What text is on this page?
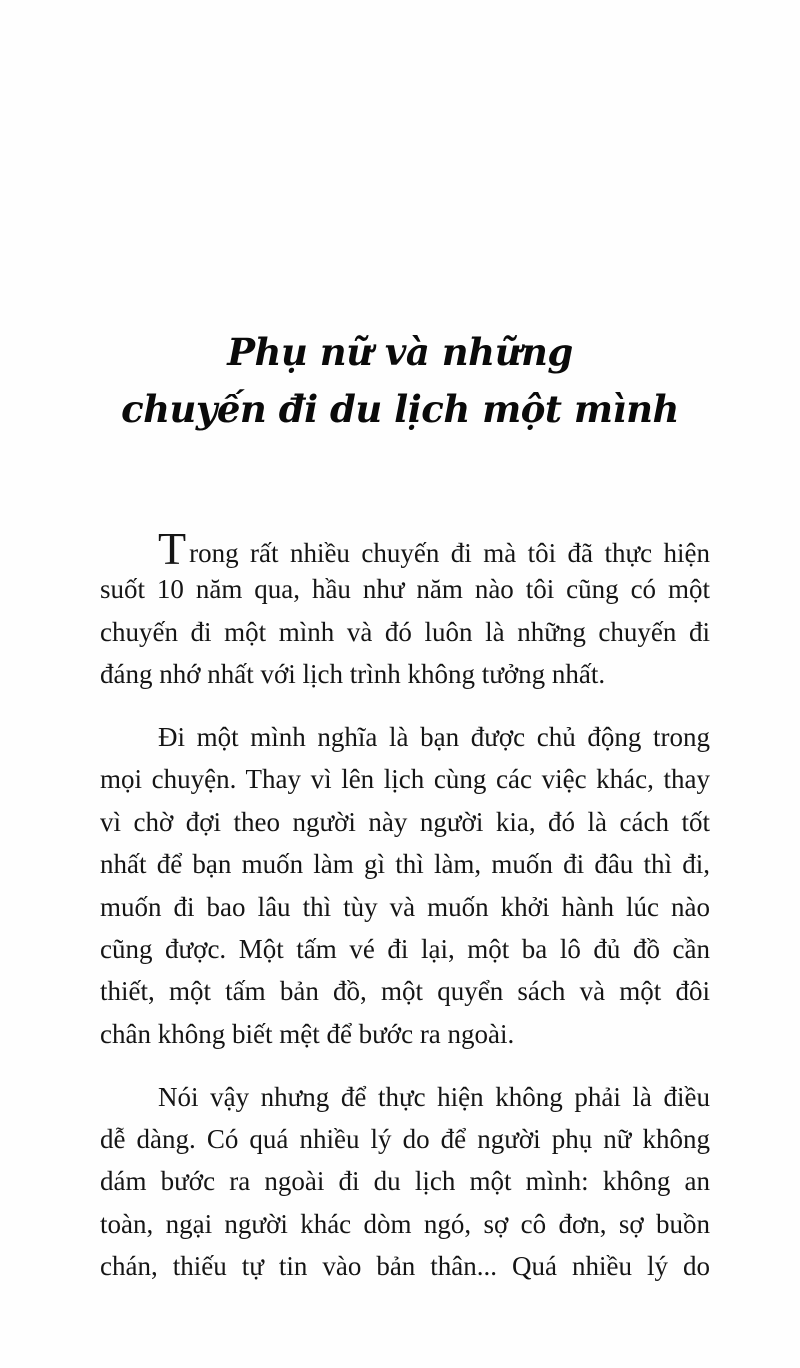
Phụ nữ và những
chuyến đi du lịch một mình
Trong rất nhiều chuyến đi mà tôi đã thực hiện
suốt 10 năm qua, hầu như năm nào tôi cũng có một
chuyến đi một mình và đó luôn là những chuyến đi
đáng nhớ nhất với lịch trình không tưởng nhất.
Đi một mình nghĩa là bạn được chủ động trong
mọi chuyện. Thay vì lên lịch cùng các việc khác, thay
vì chờ đợi theo người này người kia, đó là cách tốt
nhất để bạn muốn làm gì thì làm, muốn đi đâu thì đi,
muốn đi bao lâu thì tùy và muốn khởi hành lúc nào
cũng được. Một tấm vé đi lại, một ba lô đủ đồ cần
thiết, một tấm bản đồ, một quyển sách và một đôi
chân không biết mệt để bước ra ngoài.
Nói vậy nhưng để thực hiện không phải là điều
dễ dàng. Có quá nhiều lý do để người phụ nữ không
dám bước ra ngoài đi du lịch một mình: không an
toàn, ngại người khác dòm ngó, sợ cô đơn, sợ buồn
chán, thiếu tự tin vào bản thân... Quá nhiều lý do
